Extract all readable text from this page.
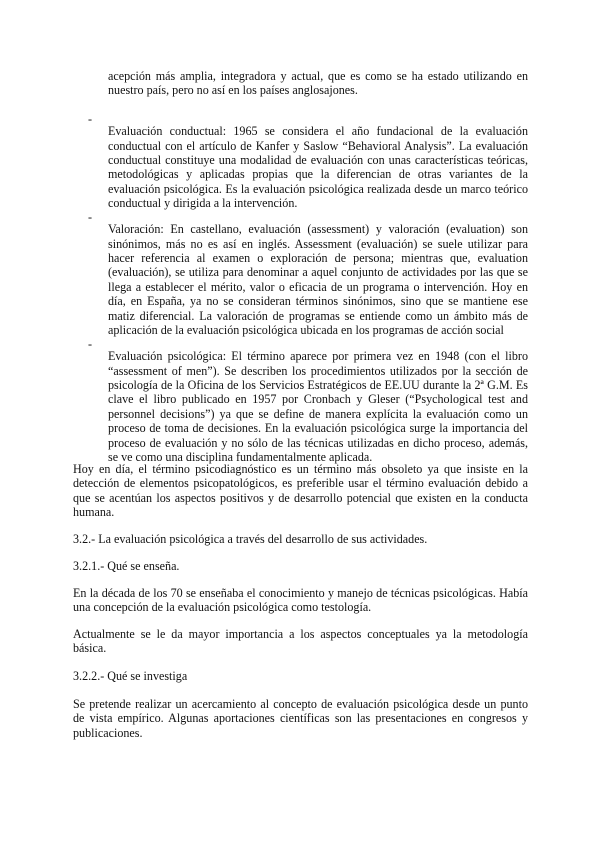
acepción más amplia, integradora y actual, que es como se ha estado utilizando en nuestro país, pero no así en los países anglosajones.

-

Evaluación conductual: 1965 se considera el año fundacional de la evaluación conductual con el artículo de Kanfer y Saslow “Behavioral Analysis”. La evaluación conductual constituye una modalidad de evaluación con unas características teóricas, metodológicas y aplicadas propias que la diferencian de otras variantes de la evaluación psicológica. Es la evaluación psicológica realizada desde un marco teórico conductual y dirigida a la intervención.

-

Valoración: En castellano, evaluación (assessment) y valoración (evaluation) son sinónimos, más no es así en inglés. Assessment (evaluación) se suele utilizar para hacer referencia al examen o exploración de persona; mientras que, evaluation (evaluación), se utiliza para denominar a aquel conjunto de actividades por las que se llega a establecer el mérito, valor o eficacia de un programa o intervención. Hoy en día, en España, ya no se consideran términos sinónimos, sino que se mantiene ese matiz diferencial. La valoración de programas se entiende como un ámbito más de aplicación de la evaluación psicológica ubicada en los programas de acción social

-

Evaluación psicológica: El término aparece por primera vez en 1948 (con el libro “assessment of men”). Se describen los procedimientos utilizados por la sección de psicología de la Oficina de los Servicios Estratégicos de EE.UU durante la 2ª G.M. Es clave el libro publicado en 1957 por Cronbach y Gleser (“Psychological test and personnel decisions”) ya que se define de manera explícita la evaluación como un proceso de toma de decisiones. En la evaluación psicológica surge la importancia del proceso de evaluación y no sólo de las técnicas utilizadas en dicho proceso, además, se ve como una disciplina fundamentalmente aplicada.

Hoy en día, el término psicodiagnóstico es un término más obsoleto ya que insiste en la detección de elementos psicopatológicos, es preferible usar el término evaluación debido a que se acentúan los aspectos positivos y de desarrollo potencial que existen en la conducta humana.

3.2.- La evaluación psicológica a través del desarrollo de sus actividades.

3.2.1.- Qué se enseña.

En la década de los 70 se enseñaba el conocimiento y manejo de técnicas psicológicas. Había una concepción de la evaluación psicológica como testología.

Actualmente se le da mayor importancia a los aspectos conceptuales ya la metodología básica.

3.2.2.- Qué se investiga

Se pretende realizar un acercamiento al concepto de evaluación psicológica desde un punto de vista empírico. Algunas aportaciones científicas son las presentaciones en congresos y publicaciones.
